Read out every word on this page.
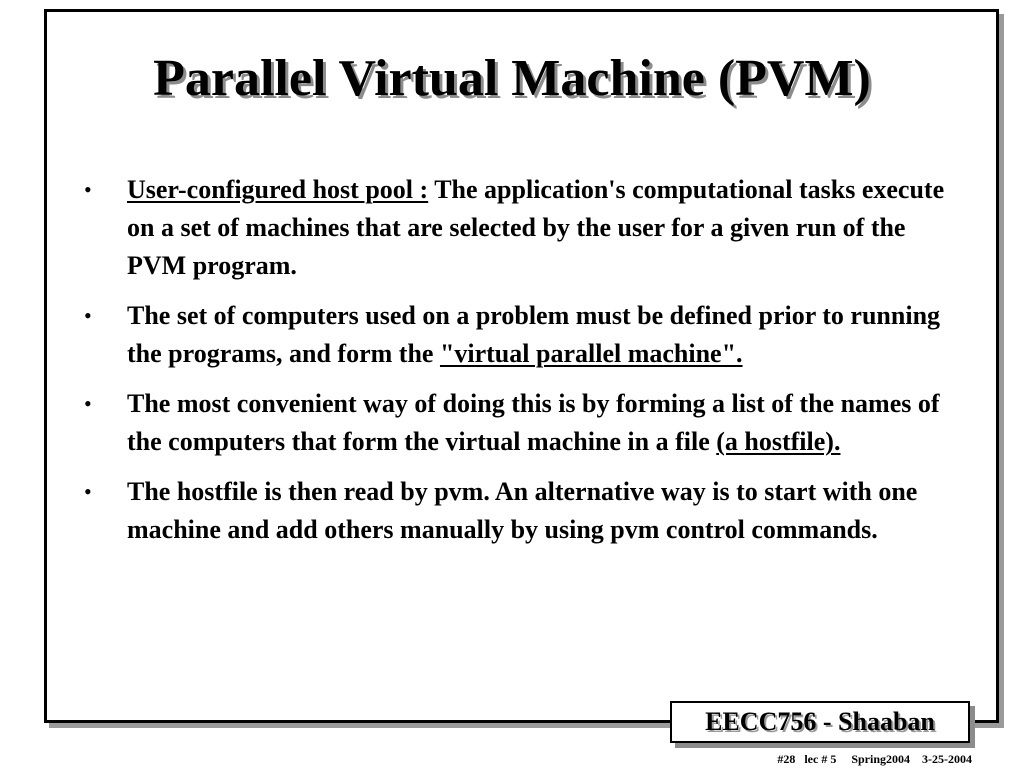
Parallel Virtual Machine (PVM)
•	User-configured host pool : The application's computational tasks execute on a set of machines that are selected by the user for a given run of the PVM program.
•	The set of computers used on a problem must be defined prior to running the programs, and form the "virtual parallel machine".
•	The most convenient way of doing this is by forming a list of the names of the computers that form the virtual machine in a file (a hostfile).
•	The hostfile is then read by pvm. An alternative way is to start with one machine and add others manually by using pvm control commands.
EECC756 - Shaaban
#28   lec # 5     Spring2004    3-25-2004
